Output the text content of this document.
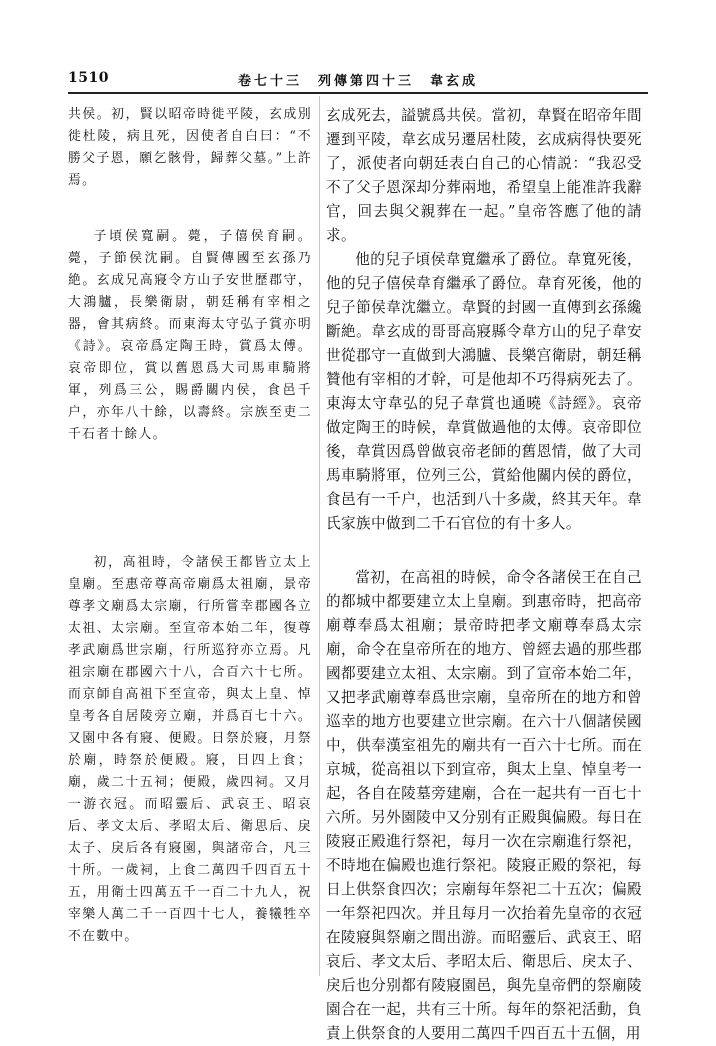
1510	卷七十三　列傳第四十三　韋玄成

共侯。初，賢以昭帝時徙平陵，玄成別徙杜陵，病且死，因使者自白曰：“不勝父子恩，願乞骸骨，歸葬父墓。”上許焉。

子頃侯寬嗣。薨，子僖侯育嗣。薨，子節侯沈嗣。自賢傳國至玄孫乃絶。玄成兄高寢令方山子安世歷郡守，大鴻臚，長樂衛尉，朝廷稱有宰相之器，會其病終。而東海太守弘子賞亦明《詩》。哀帝爲定陶王時，賞爲太傅。哀帝即位，賞以舊恩爲大司馬車騎將軍，列爲三公，賜爵關内侯，食邑千户，亦年八十餘，以壽終。宗族至吏二千石者十餘人。

初，高祖時，令諸侯王都皆立太上皇廟。至惠帝尊高帝廟爲太祖廟，景帝尊孝文廟爲太宗廟，行所嘗幸郡國各立太祖、太宗廟。至宣帝本始二年，復尊孝武廟爲世宗廟，行所巡狩亦立焉。凡祖宗廟在郡國六十八，合百六十七所。而京師自高祖下至宣帝，與太上皇、悼皇考各自居陵旁立廟，并爲百七十六。又園中各有寢、便殿。日祭於寢，月祭於廟，時祭於便殿。寢，日四上食；廟，歲二十五祠；便殿，歲四祠。又月一游衣冠。而昭靈后、武哀王、昭哀后、孝文太后、孝昭太后、衛思后、戾太子、戾后各有寢園，與諸帝合，凡三十所。一歲祠，上食二萬四千四百五十五，用衛士四萬五千一百二十九人，祝宰樂人萬二千一百四十七人，養犧牲卒不在數中。

玄成死去，謚號爲共侯。當初，韋賢在昭帝年間遷到平陵，韋玄成另遷居杜陵，玄成病得快要死了，派使者向朝廷表白自己的心情説：“我忍受不了父子恩深却分葬兩地，希望皇上能准許我辭官，回去與父親葬在一起。”皇帝答應了他的請求。

他的兒子頃侯韋寬繼承了爵位。韋寬死後，他的兒子僖侯韋育繼承了爵位。韋育死後，他的兒子節侯韋沈繼立。韋賢的封國一直傳到玄孫纔斷絶。韋玄成的哥哥高寢縣令韋方山的兒子韋安世從郡守一直做到大鴻臚、長樂宫衛尉，朝廷稱贊他有宰相的才幹，可是他却不巧得病死去了。東海太守韋弘的兒子韋賞也通曉《詩經》。哀帝做定陶王的時候，韋賞做過他的太傅。哀帝即位後，韋賞因爲曾做哀帝老師的舊恩情，做了大司馬車騎將軍，位列三公，賞給他關内侯的爵位，食邑有一千户，也活到八十多歲，終其天年。韋氏家族中做到二千石官位的有十多人。

當初，在高祖的時候，命令各諸侯王在自己的都城中都要建立太上皇廟。到惠帝時，把高帝廟尊奉爲太祖廟；景帝時把孝文廟尊奉爲太宗廟，命令在皇帝所在的地方、曾經去過的那些郡國都要建立太祖、太宗廟。到了宣帝本始二年，又把孝武廟尊奉爲世宗廟，皇帝所在的地方和曾巡幸的地方也要建立世宗廟。在六十八個諸侯國中，供奉漢室祖先的廟共有一百六十七所。而在京城，從高祖以下到宣帝，與太上皇、悼皇考一起，各自在陵墓旁建廟，合在一起共有一百七十六所。另外園陵中又分别有正殿與偏殿。每日在陵寢正殿進行祭祀，每月一次在宗廟進行祭祀，不時地在偏殿也進行祭祀。陵寢正殿的祭祀，每日上供祭食四次；宗廟每年祭祀二十五次；偏殿一年祭祀四次。并且每月一次抬着先皇帝的衣冠在陵寢與祭廟之間出游。而昭靈后、武哀王、昭哀后、孝文太后、孝昭太后、衛思后、戾太子、戾后也分别都有陵寢園邑，與先皇帝們的祭廟陵園合在一起，共有三十所。每年的祭祀活動，負責上供祭食的人要用二萬四千四百五十五個，用
